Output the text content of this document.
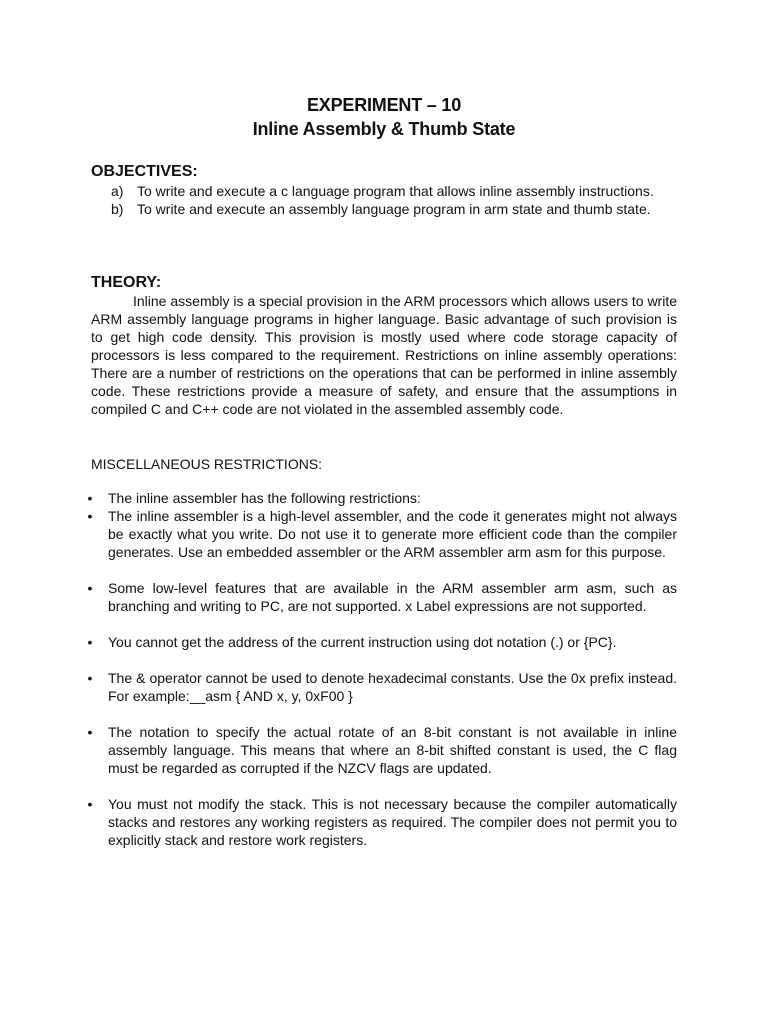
EXPERIMENT – 10
Inline Assembly & Thumb State
OBJECTIVES:
a) To write and execute a c language program that allows inline assembly instructions.
b) To write and execute an assembly language program in arm state and thumb state.
THEORY:
Inline assembly is a special provision in the ARM processors which allows users to write ARM assembly language programs in higher language. Basic advantage of such provision is to get high code density. This provision is mostly used where code storage capacity of processors is less compared to the requirement. Restrictions on inline assembly operations: There are a number of restrictions on the operations that can be performed in inline assembly code. These restrictions provide a measure of safety, and ensure that the assumptions in compiled C and C++ code are not violated in the assembled assembly code.
MISCELLANEOUS RESTRICTIONS:
• The inline assembler has the following restrictions:
• The inline assembler is a high-level assembler, and the code it generates might not always be exactly what you write. Do not use it to generate more efficient code than the compiler generates. Use an embedded assembler or the ARM assembler arm asm for this purpose.
• Some low-level features that are available in the ARM assembler arm asm, such as branching and writing to PC, are not supported. x Label expressions are not supported.
• You cannot get the address of the current instruction using dot notation (.) or {PC}.
• The & operator cannot be used to denote hexadecimal constants. Use the 0x prefix instead. For example:__asm { AND x, y, 0xF00 }
• The notation to specify the actual rotate of an 8-bit constant is not available in inline assembly language. This means that where an 8-bit shifted constant is used, the C flag must be regarded as corrupted if the NZCV flags are updated.
• You must not modify the stack. This is not necessary because the compiler automatically stacks and restores any working registers as required. The compiler does not permit you to explicitly stack and restore work registers.
